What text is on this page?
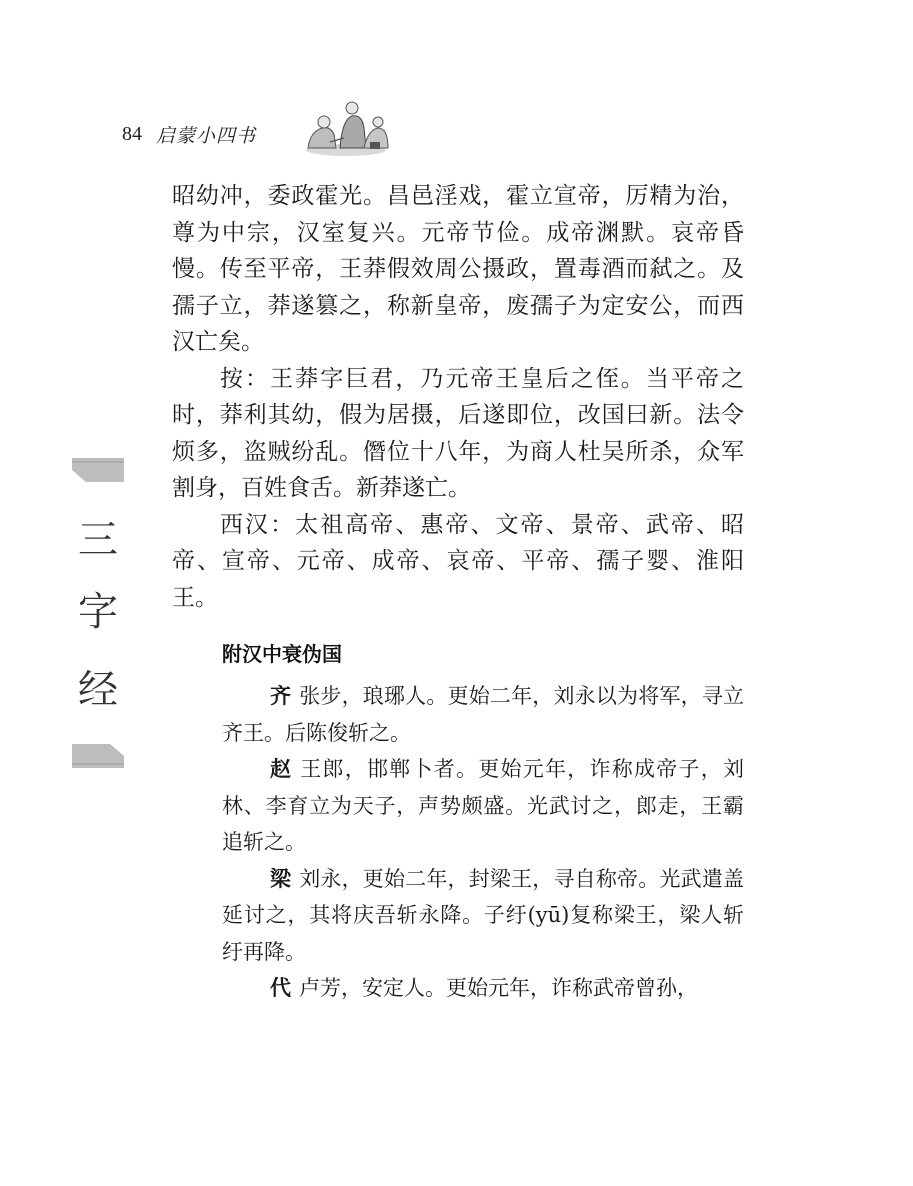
84 启蒙小四书
三
字
经

昭幼冲，委政霍光。昌邑淫戏，霍立宣帝，厉精为治，尊为中宗，汉室复兴。元帝节俭。成帝渊默。哀帝昏慢。传至平帝，王莽假效周公摄政，置毒酒而弑之。及孺子立，莽遂篡之，称新皇帝，废孺子为定安公，而西汉亡矣。

按：王莽字巨君，乃元帝王皇后之侄。当平帝之时，莽利其幼，假为居摄，后遂即位，改国曰新。法令烦多，盗贼纷乱。僭位十八年，为商人杜吴所杀，众军割身，百姓食舌。新莽遂亡。

西汉：太祖高帝、惠帝、文帝、景帝、武帝、昭帝、宣帝、元帝、成帝、哀帝、平帝、孺子婴、淮阳王。

附汉中衰伪国

齐 张步，琅琊人。更始二年，刘永以为将军，寻立齐王。后陈俊斩之。

赵 王郎，邯郸卜者。更始元年，诈称成帝子，刘林、李育立为天子，声势颇盛。光武讨之，郎走，王霸追斩之。

梁 刘永，更始二年，封梁王，寻自称帝。光武遣盖延讨之，其将庆吾斩永降。子纡(yū)复称梁王，梁人斩纡再降。

代 卢芳，安定人。更始元年，诈称武帝曾孙，
